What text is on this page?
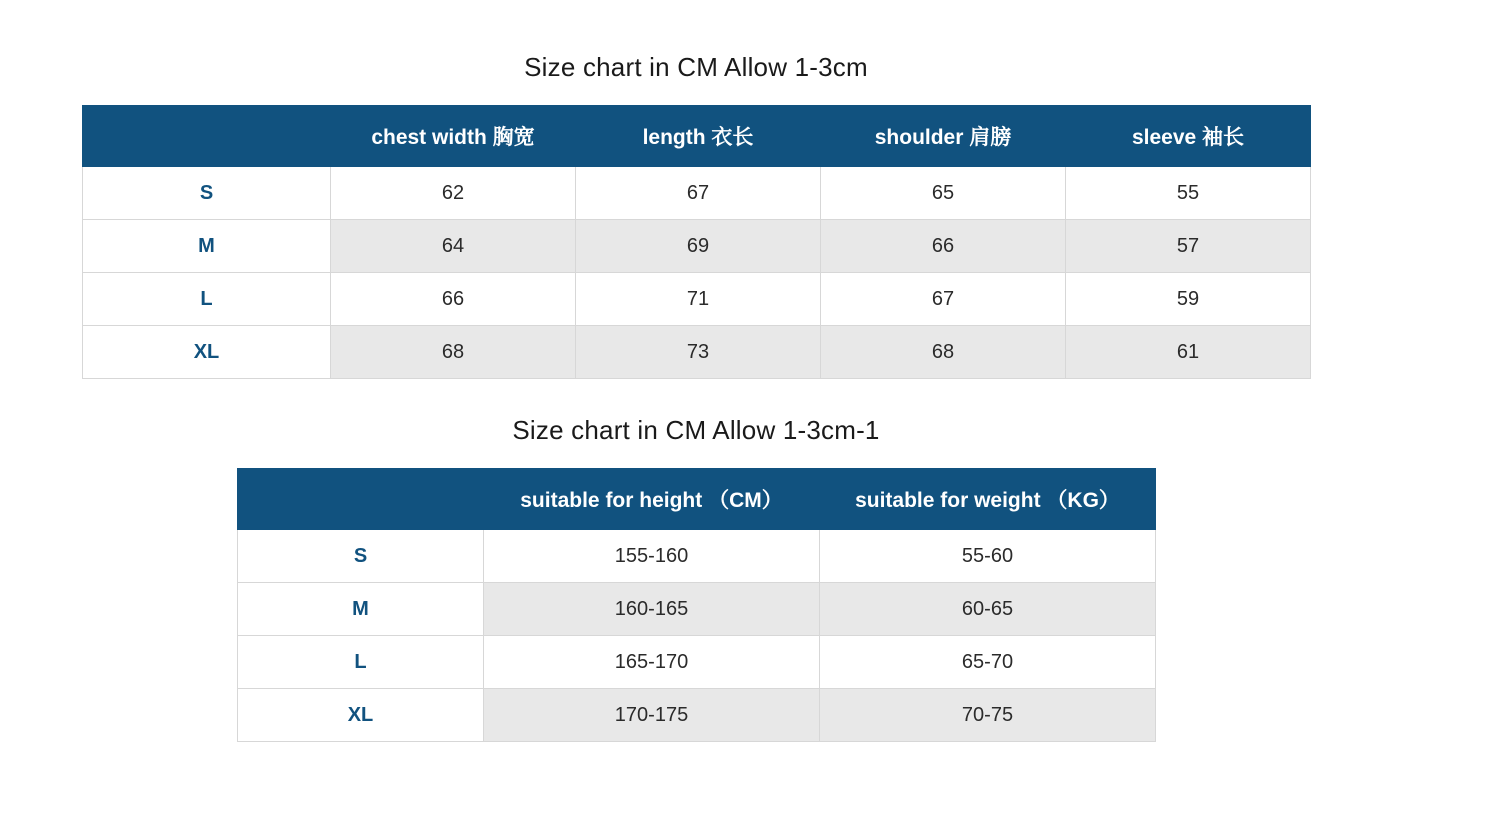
Size chart in CM Allow 1-3cm
	chest width 胸宽	length 衣长	shoulder 肩膀	sleeve 袖长
S	62	67	65	55
M	64	69	66	57
L	66	71	67	59
XL	68	73	68	61
Size chart in CM Allow 1-3cm-1
	suitable for height （CM）	suitable for weight （KG）
S	155-160	55-60
M	160-165	60-65
L	165-170	65-70
XL	170-175	70-75
